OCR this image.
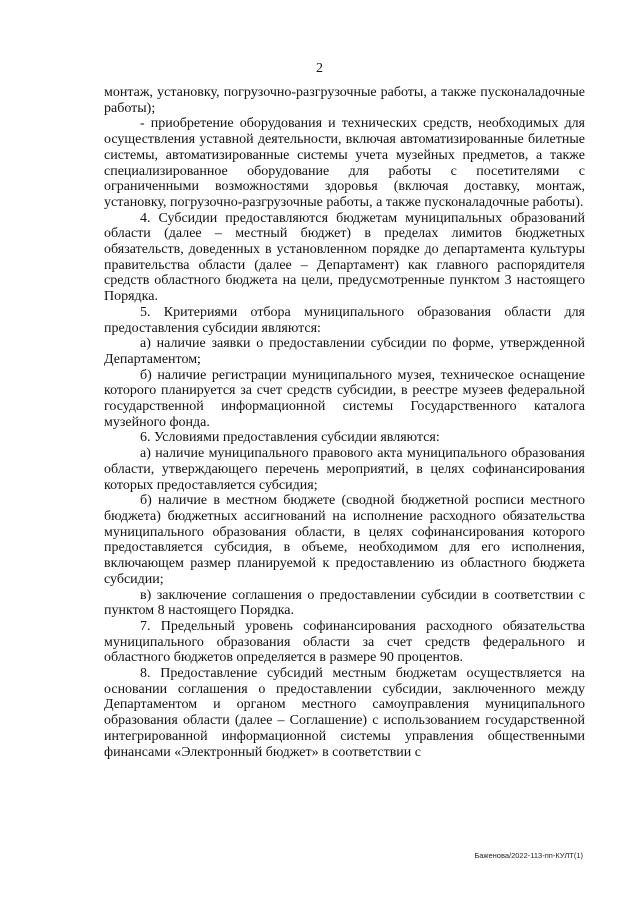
2

монтаж, установку, погрузочно-разгрузочные работы, а также пусконаладочные работы);

- приобретение оборудования и технических средств, необходимых для осуществления уставной деятельности, включая автоматизированные билетные системы, автоматизированные системы учета музейных предметов, а также специализированное оборудование для работы с посетителями с ограниченными возможностями здоровья (включая доставку, монтаж, установку, погрузочно-разгрузочные работы, а также пусконаладочные работы).

4. Субсидии предоставляются бюджетам муниципальных образований области (далее – местный бюджет) в пределах лимитов бюджетных обязательств, доведенных в установленном порядке до департамента культуры правительства области (далее – Департамент) как главного распорядителя средств областного бюджета на цели, предусмотренные пунктом 3 настоящего Порядка.

5. Критериями отбора муниципального образования области для предоставления субсидии являются:

а) наличие заявки о предоставлении субсидии по форме, утвержденной Департаментом;

б) наличие регистрации муниципального музея, техническое оснащение которого планируется за счет средств субсидии, в реестре музеев федеральной государственной информационной системы Государственного каталога музейного фонда.

6. Условиями предоставления субсидии являются:

а) наличие муниципального правового акта муниципального образования области, утверждающего перечень мероприятий, в целях софинансирования которых предоставляется субсидия;

б) наличие в местном бюджете (сводной бюджетной росписи местного бюджета) бюджетных ассигнований на исполнение расходного обязательства муниципального образования области, в целях софинансирования которого предоставляется субсидия, в объеме, необходимом для его исполнения, включающем размер планируемой к предоставлению из областного бюджета субсидии;

в) заключение соглашения о предоставлении субсидии в соответствии с пунктом 8 настоящего Порядка.

7. Предельный уровень софинансирования расходного обязательства муниципального образования области за счет средств федерального и областного бюджетов определяется в размере 90 процентов.

8. Предоставление субсидий местным бюджетам осуществляется на основании соглашения о предоставлении субсидии, заключенного между Департаментом и органом местного самоуправления муниципального образования области (далее – Соглашение) с использованием государственной интегрированной информационной системы управления общественными финансами «Электронный бюджет» в соответствии с

Баженова/2022-113-пп-КУЛТ(1)
